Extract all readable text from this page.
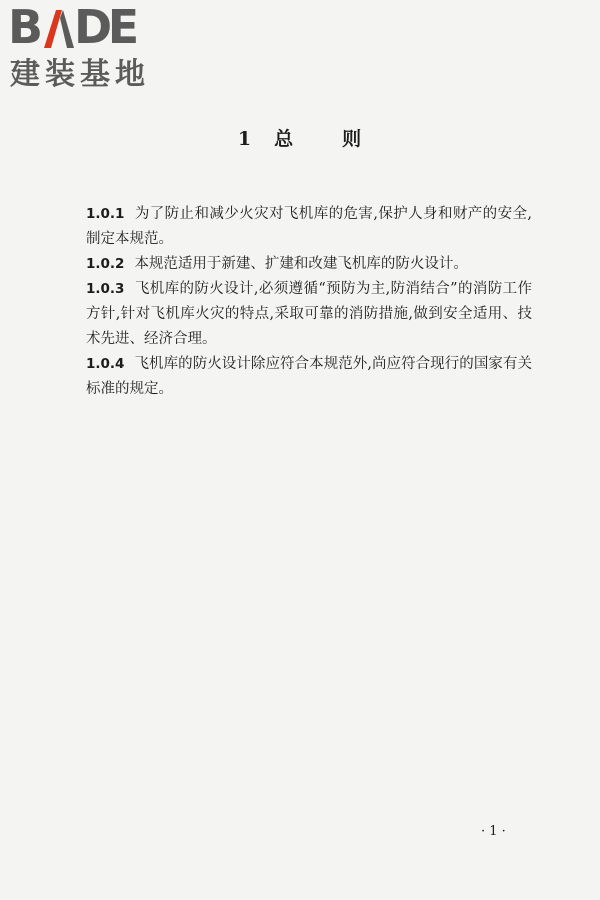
B D
E
建装基地
1 总	则

1.0.1 为了防止和减少火灾对飞机库的危害,保护人身和财产的安全,制定本规范。

1.0.2 本规范适用于新建、扩建和改建飞机库的防火设计。

1.0.3 飞机库的防火设计,必须遵循“预防为主,防消结合”的消防工作方针,针对飞机库火灾的特点,采取可靠的消防措施,做到安全适用、技术先进、经济合理。

1.0.4 飞机库的防火设计除应符合本规范外,尚应符合现行的国家有关标准的规定。

· 1 ·
